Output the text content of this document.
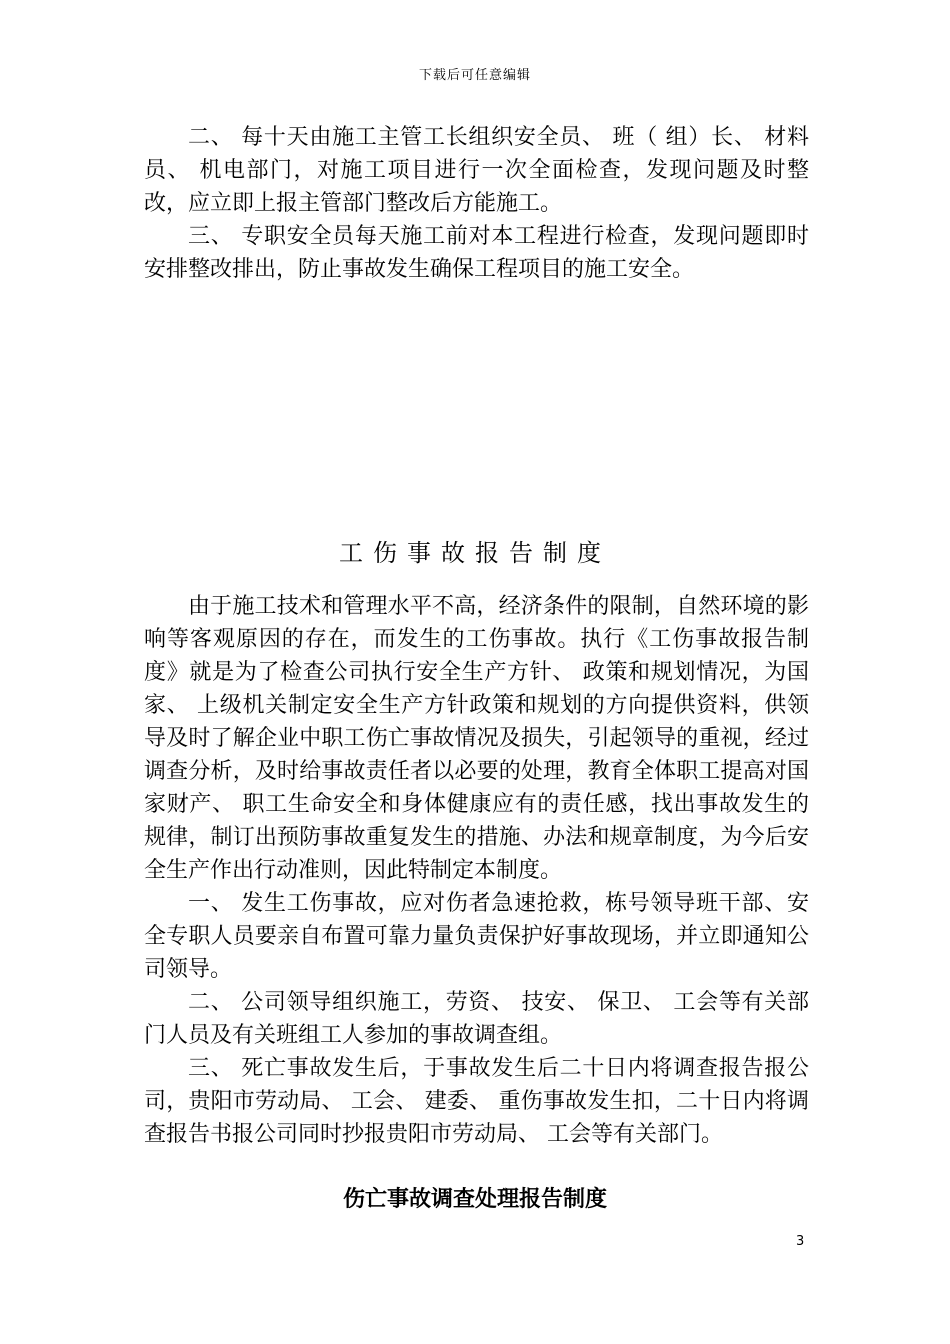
下载后可任意编辑

二、 每十天由施工主管工长组织安全员、 班（ 组）长、 材料员、 机电部门，对施工项目进行一次全面检查，发现问题及时整改，应立即上报主管部门整改后方能施工。

三、 专职安全员每天施工前对本工程进行检查，发现问题即时安排整改排出，防止事故发生确保工程项目的施工安全。

工伤事故报告制度

由于施工技术和管理水平不高，经济条件的限制，自然环境的影响等客观原因的存在，而发生的工伤事故。执行《工伤事故报告制度》就是为了检查公司执行安全生产方针、 政策和规划情况，为国家、 上级机关制定安全生产方针政策和规划的方向提供资料，供领导及时了解企业中职工伤亡事故情况及损失，引起领导的重视，经过调查分析，及时给事故责任者以必要的处理，教育全体职工提高对国家财产、 职工生命安全和身体健康应有的责任感，找出事故发生的规律，制订出预防事故重复发生的措施、办法和规章制度，为今后安全生产作出行动准则，因此特制定本制度。

一、 发生工伤事故，应对伤者急速抢救，栋号领导班干部、安全专职人员要亲自布置可靠力量负责保护好事故现场，并立即通知公司领导。

二、 公司领导组织施工，劳资、 技安、 保卫、 工会等有关部门人员及有关班组工人参加的事故调查组。

三、 死亡事故发生后，于事故发生后二十日内将调查报告报公司，贵阳市劳动局、 工会、 建委、 重伤事故发生扣，二十日内将调查报告书报公司同时抄报贵阳市劳动局、 工会等有关部门。

伤亡事故调查处理报告制度
3
